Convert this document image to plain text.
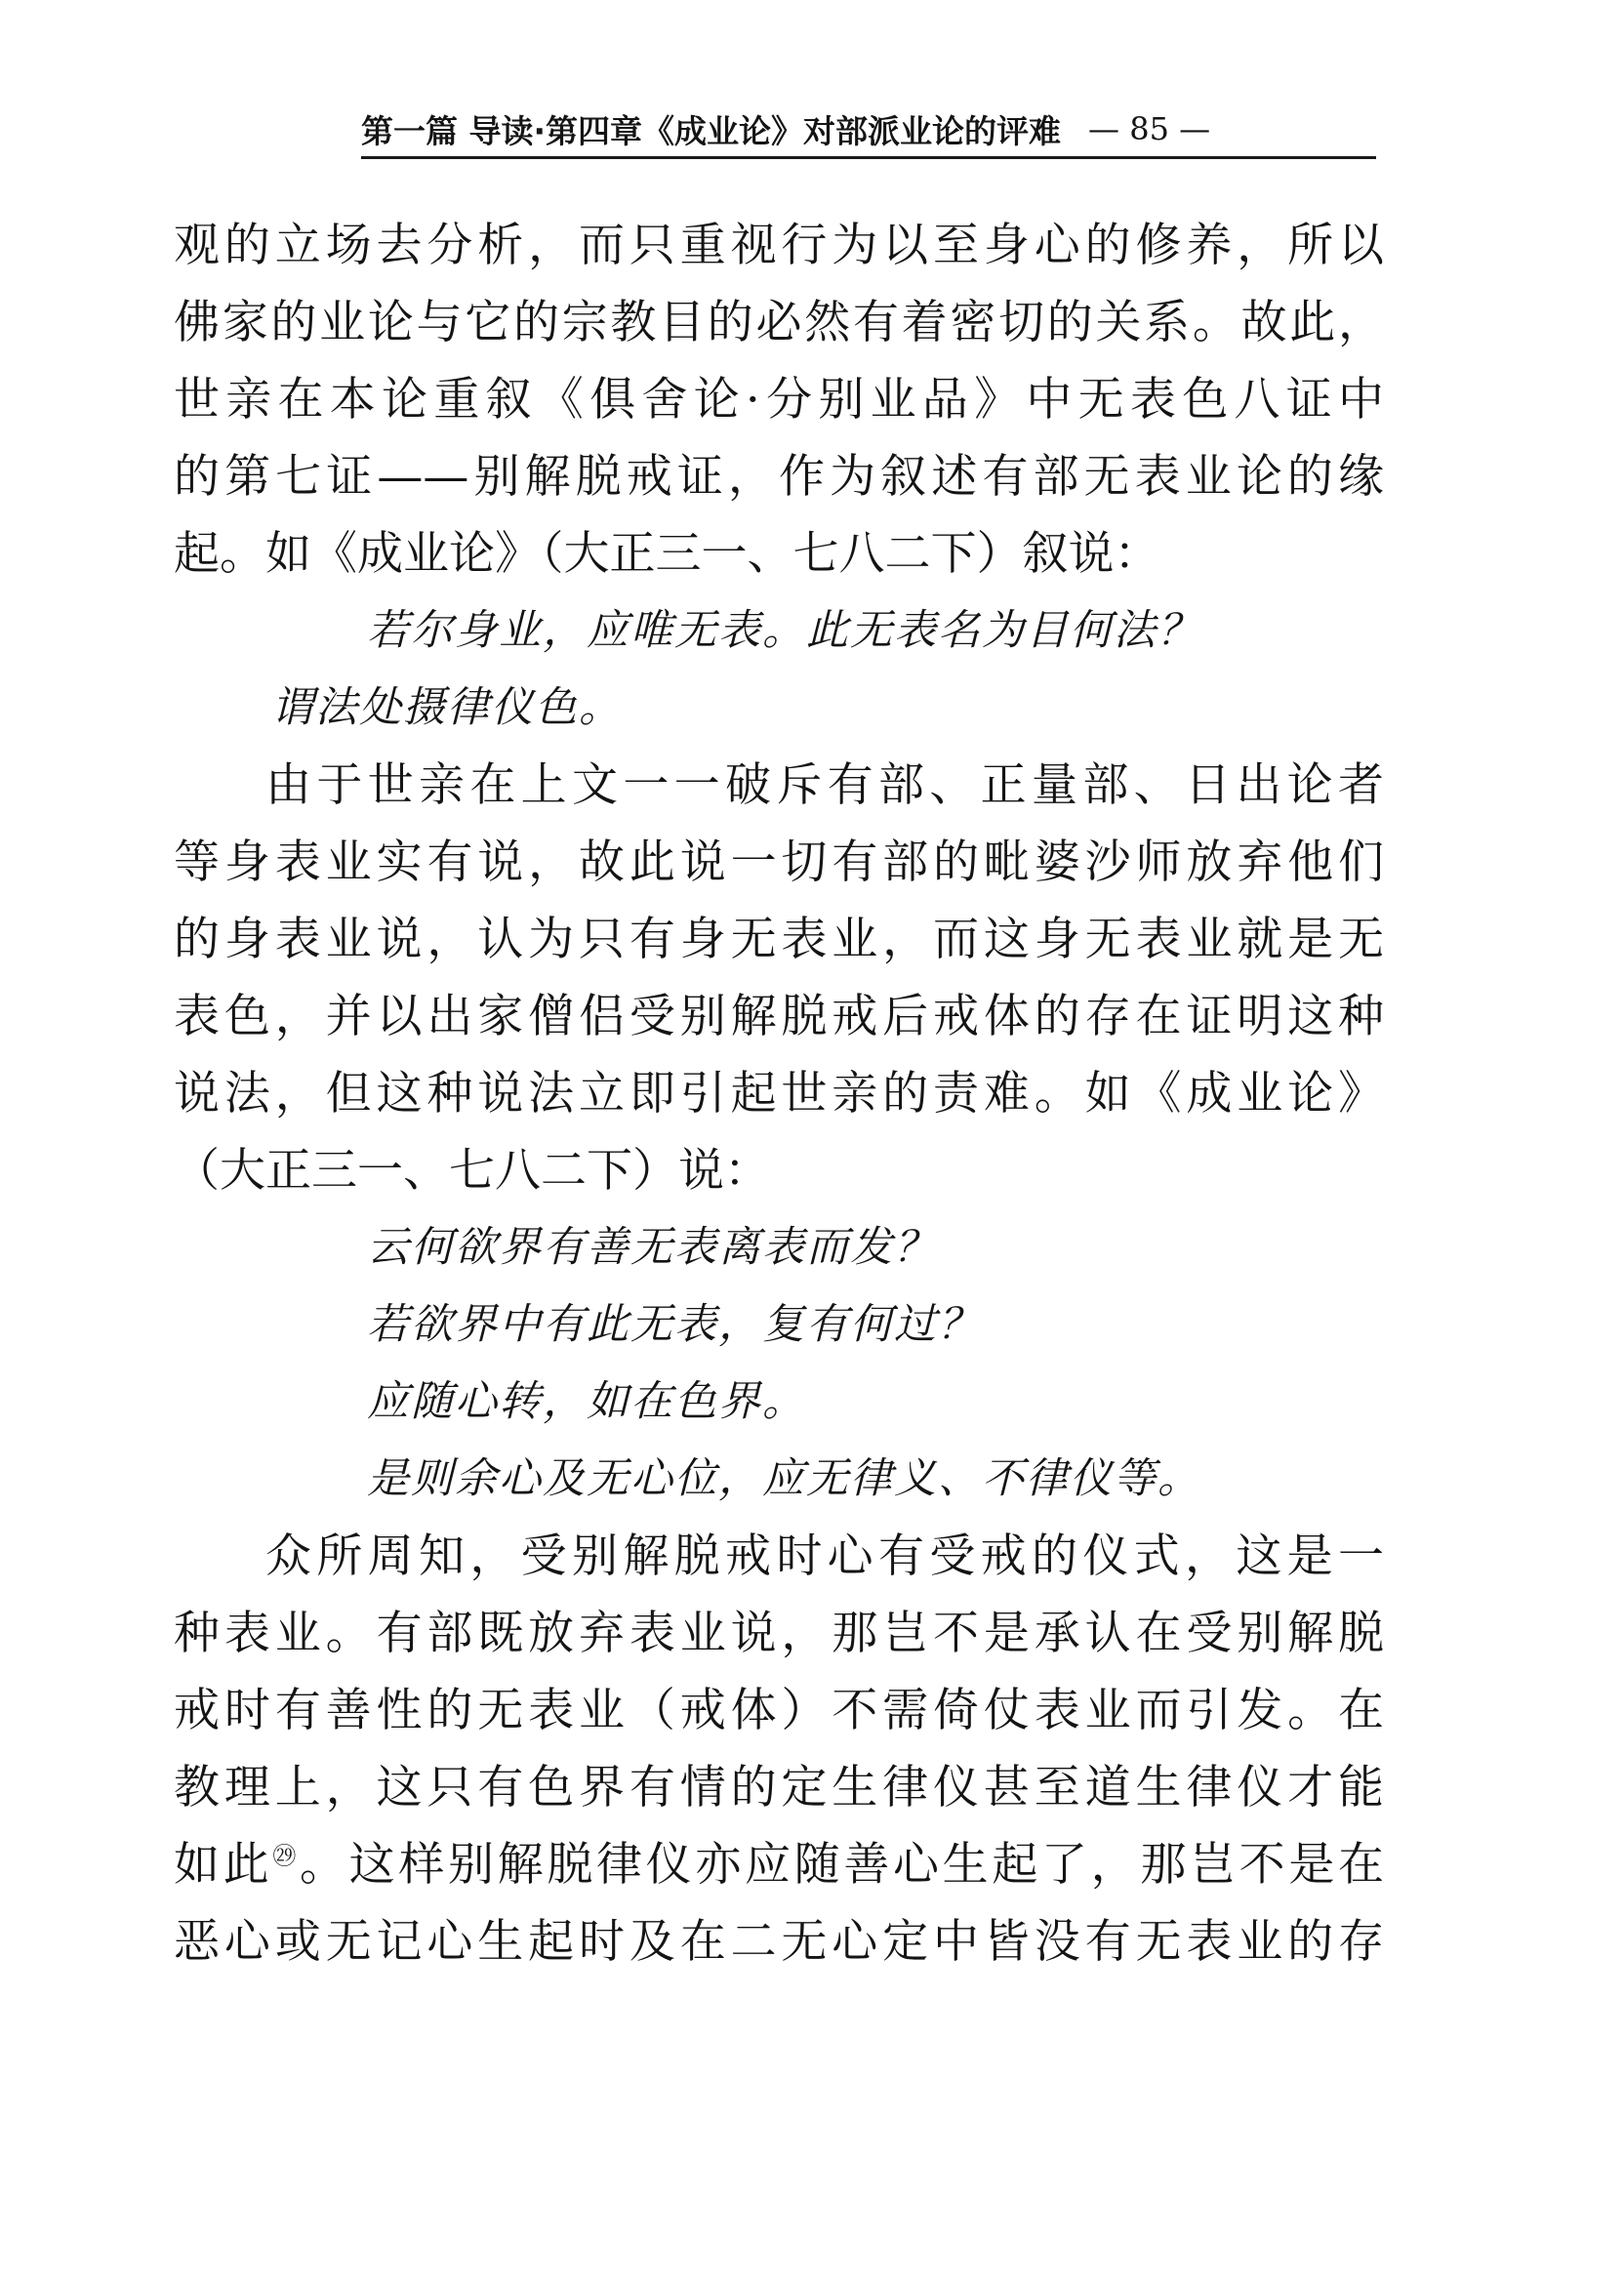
第一篇 导读·第四章《成业论》对部派业论的评难 — 85 —
观的立场去分析，而只重视行为以至身心的修养，所以
佛家的业论与它的宗教目的必然有着密切的关系。故此，
世亲在本论重叙《俱舍论·分别业品》中无表色八证中
的第七证——别解脱戒证，作为叙述有部无表业论的缘
起。如《成业论》（大正三一、七八二下）叙说：
若尔身业，应唯无表。此无表名为目何法？
谓法处摄律仪色。
由于世亲在上文一一破斥有部、正量部、日出论者
等身表业实有说，故此说一切有部的毗婆沙师放弃他们
的身表业说，认为只有身无表业，而这身无表业就是无
表色，并以出家僧侣受别解脱戒后戒体的存在证明这种
说法，但这种说法立即引起世亲的责难。如《成业论》
（大正三一、七八二下）说：
云何欲界有善无表离表而发？
若欲界中有此无表，复有何过？
应随心转，如在色界。
是则余心及无心位，应无律义、不律仪等。
众所周知，受别解脱戒时心有受戒的仪式，这是一
种表业。有部既放弃表业说，那岂不是承认在受别解脱
戒时有善性的无表业（戒体）不需倚仗表业而引发。在
教理上，这只有色界有情的定生律仪甚至道生律仪才能
如此$^㉙$。这样别解脱律仪亦应随善心生起了，那岂不是在
恶心或无记心生起时及在二无心定中皆没有无表业的存
